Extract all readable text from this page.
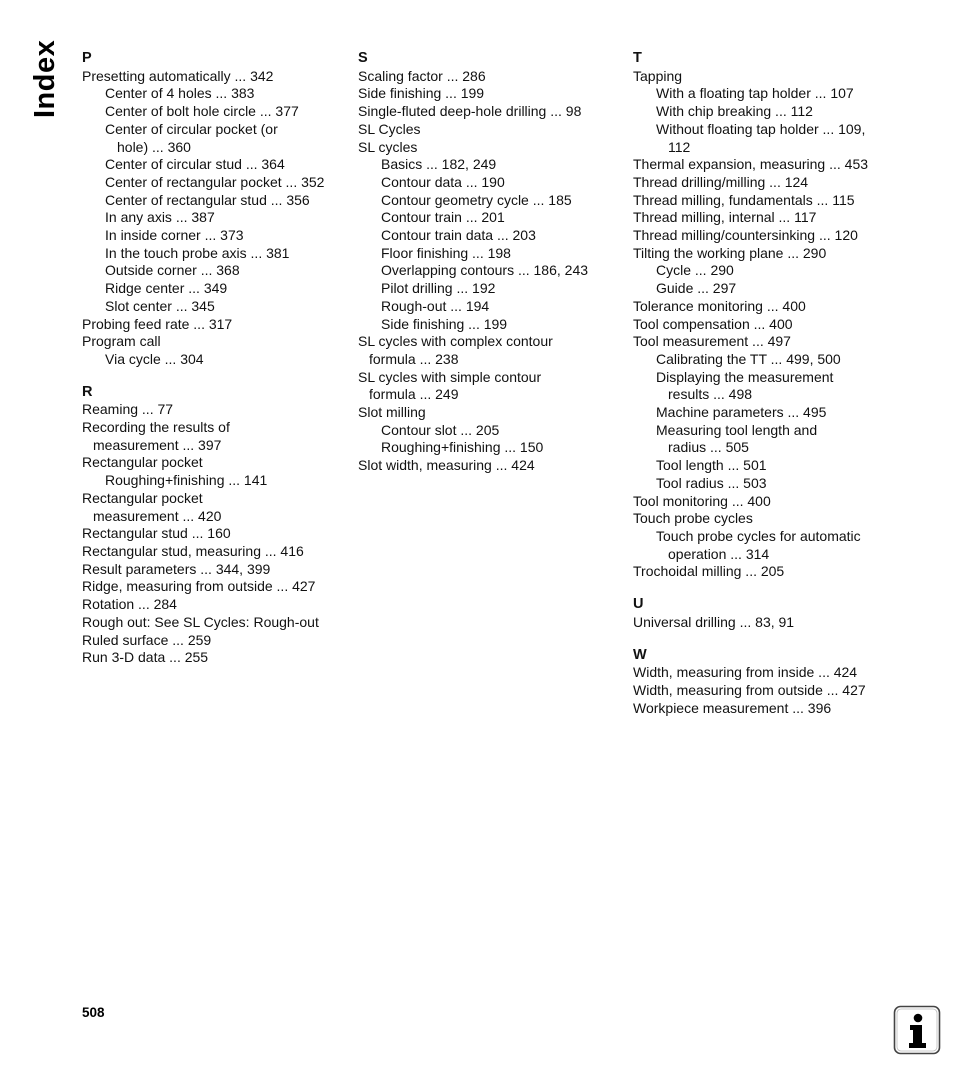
Index P
Presetting automatically ... 342
Center of 4 holes ... 383
Center of bolt hole circle ... 377
Center of circular pocket (or
hole) ... 360
Center of circular stud ... 364
Center of rectangular pocket ... 352
Center of rectangular stud ... 356
In any axis ... 387
In inside corner ... 373
In the touch probe axis ... 381
Outside corner ... 368
Ridge center ... 349
Slot center ... 345
Probing feed rate ... 317
Program call
Via cycle ... 304
R
Reaming ... 77
Recording the results of
measurement ... 397
Rectangular pocket
Roughing+finishing ... 141
Rectangular pocket
measurement ... 420
Rectangular stud ... 160
Rectangular stud, measuring ... 416
Result parameters ... 344, 399
Ridge, measuring from outside ... 427
Rotation ... 284
Rough out: See SL Cycles: Rough-out
Ruled surface ... 259
Run 3-D data ... 255
S
Scaling factor ... 286
Side finishing ... 199
Single-fluted deep-hole drilling ... 98
SL Cycles
SL cycles
Basics ... 182, 249
Contour data ... 190
Contour geometry cycle ... 185
Contour train ... 201
Contour train data ... 203
Floor finishing ... 198
Overlapping contours ... 186, 243
Pilot drilling ... 192
Rough-out ... 194
Side finishing ... 199
SL cycles with complex contour
formula ... 238
SL cycles with simple contour
formula ... 249
Slot milling
Contour slot ... 205
Roughing+finishing ... 150
Slot width, measuring ... 424
T
Tapping
With a floating tap holder ... 107
With chip breaking ... 112
Without floating tap holder ... 109,
112
Thermal expansion, measuring ... 453
Thread drilling/milling ... 124
Thread milling, fundamentals ... 115
Thread milling, internal ... 117
Thread milling/countersinking ... 120
Tilting the working plane ... 290
Cycle ... 290
Guide ... 297
Tolerance monitoring ... 400
Tool compensation ... 400
Tool measurement ... 497
Calibrating the TT ... 499, 500
Displaying the measurement
results ... 498
Machine parameters ... 495
Measuring tool length and
radius ... 505
Tool length ... 501
Tool radius ... 503
Tool monitoring ... 400
Touch probe cycles
Touch probe cycles for automatic
operation ... 314
Trochoidal milling ... 205
U
Universal drilling ... 83, 91
W
Width, measuring from inside ... 424
Width, measuring from outside ... 427
Workpiece measurement ... 396
508
